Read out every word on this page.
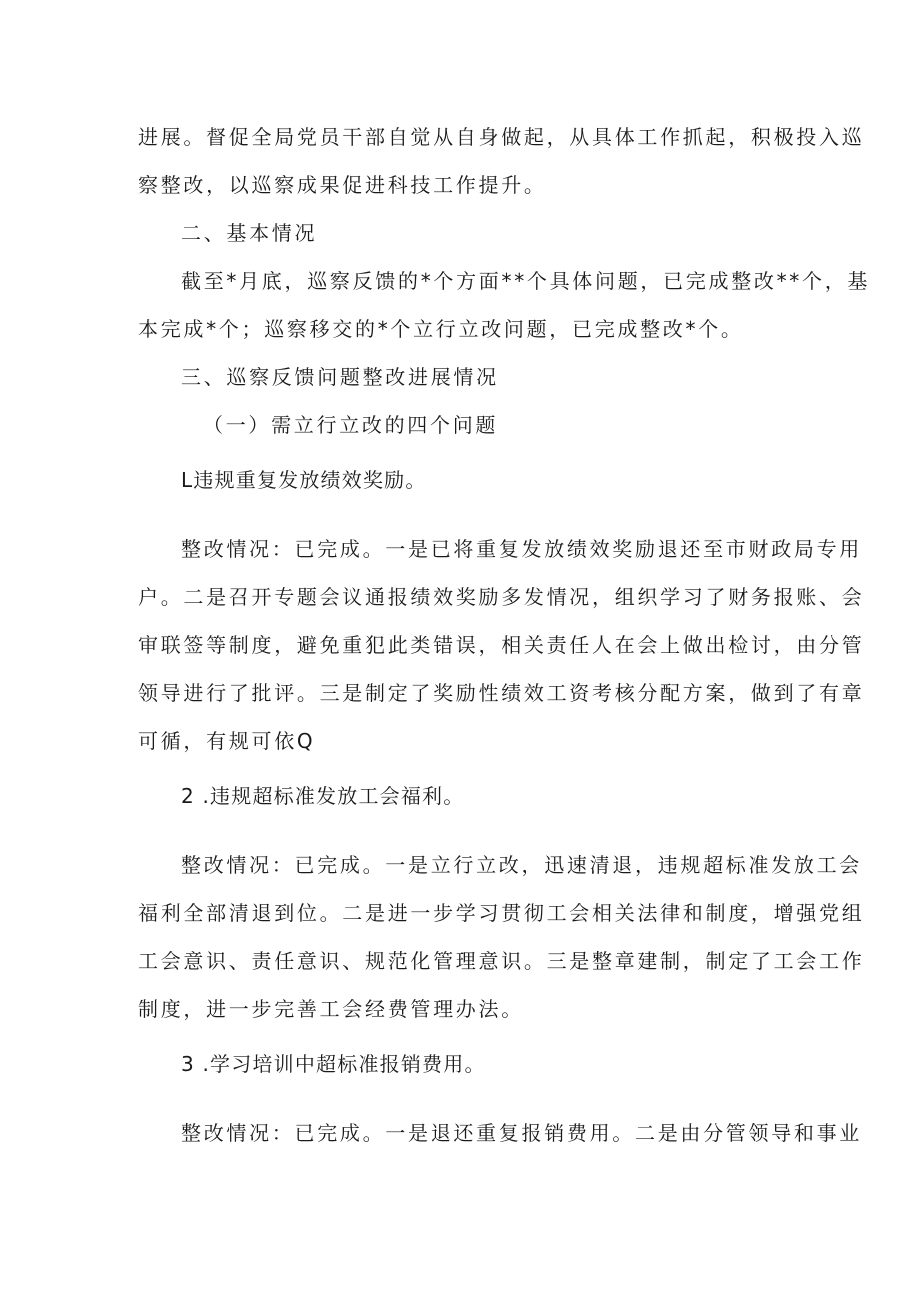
进展。督促全局党员干部自觉从自身做起，从具体工作抓起，积极投入巡
察整改，以巡察成果促进科技工作提升。
二、基本情况
截至*月底，巡察反馈的*个方面**个具体问题，已完成整改**个，基
本完成*个；巡察移交的*个立行立改问题，已完成整改*个。
三、巡察反馈问题整改进展情况
（一）需立行立改的四个问题
L违规重复发放绩效奖励。
整改情况：已完成。一是已将重复发放绩效奖励退还至市财政局专用
户。二是召开专题会议通报绩效奖励多发情况，组织学习了财务报账、会
审联签等制度，避免重犯此类错误，相关责任人在会上做出检讨，由分管
领导进行了批评。三是制定了奖励性绩效工资考核分配方案，做到了有章
可循，有规可依Q
2 .违规超标准发放工会福利。
整改情况：已完成。一是立行立改，迅速清退，违规超标准发放工会
福利全部清退到位。二是进一步学习贯彻工会相关法律和制度，增强党组
工会意识、责任意识、规范化管理意识。三是整章建制，制定了工会工作
制度，进一步完善工会经费管理办法。
3 .学习培训中超标准报销费用。
整改情况：已完成。一是退还重复报销费用。二是由分管领导和事业
